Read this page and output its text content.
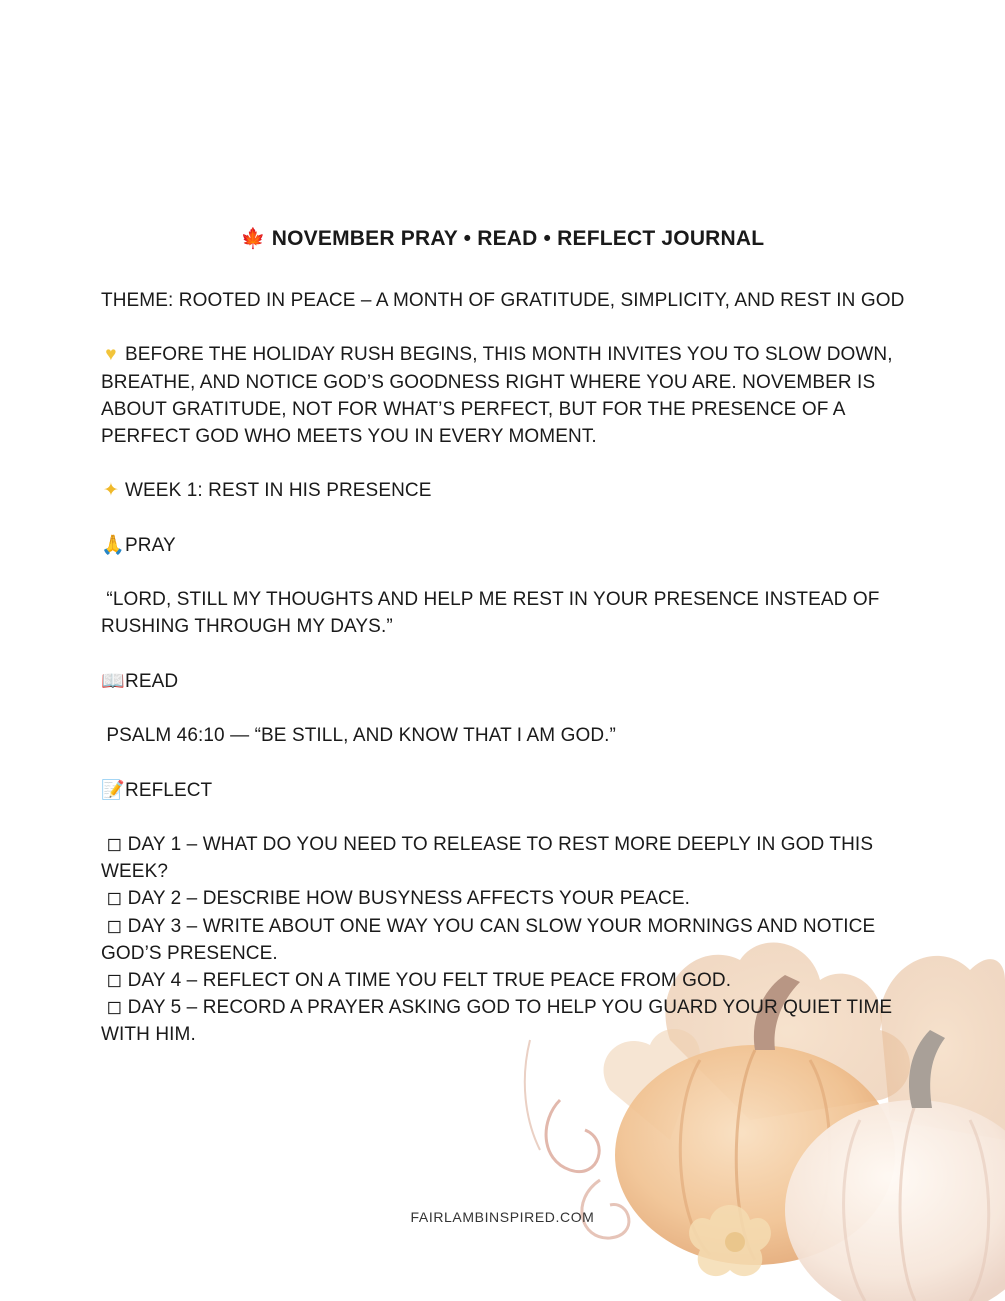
🍁 NOVEMBER PRAY • READ • REFLECT JOURNAL

THEME: ROOTED IN PEACE – A MONTH OF GRATITUDE, SIMPLICITY, AND REST IN GOD

♥ BEFORE THE HOLIDAY RUSH BEGINS, THIS MONTH INVITES YOU TO SLOW DOWN, BREATHE, AND NOTICE GOD’S GOODNESS RIGHT WHERE YOU ARE. NOVEMBER IS ABOUT GRATITUDE, NOT FOR WHAT’S PERFECT, BUT FOR THE PRESENCE OF A PERFECT GOD WHO MEETS YOU IN EVERY MOMENT.

✦ WEEK 1: REST IN HIS PRESENCE

🙏PRAY

“LORD, STILL MY THOUGHTS AND HELP ME REST IN YOUR PRESENCE INSTEAD OF RUSHING THROUGH MY DAYS.”

📖READ

PSALM 46:10 — “BE STILL, AND KNOW THAT I AM GOD.”

📝REFLECT

◻ DAY 1 – WHAT DO YOU NEED TO RELEASE TO REST MORE DEEPLY IN GOD THIS WEEK?

◻ DAY 2 – DESCRIBE HOW BUSYNESS AFFECTS YOUR PEACE.

◻ DAY 3 – WRITE ABOUT ONE WAY YOU CAN SLOW YOUR MORNINGS AND NOTICE GOD’S PRESENCE.

◻ DAY 4 – REFLECT ON A TIME YOU FELT TRUE PEACE FROM GOD.

◻ DAY 5 – RECORD A PRAYER ASKING GOD TO HELP YOU GUARD YOUR QUIET TIME WITH HIM.

FAIRLAMBINSPIRED.COM
